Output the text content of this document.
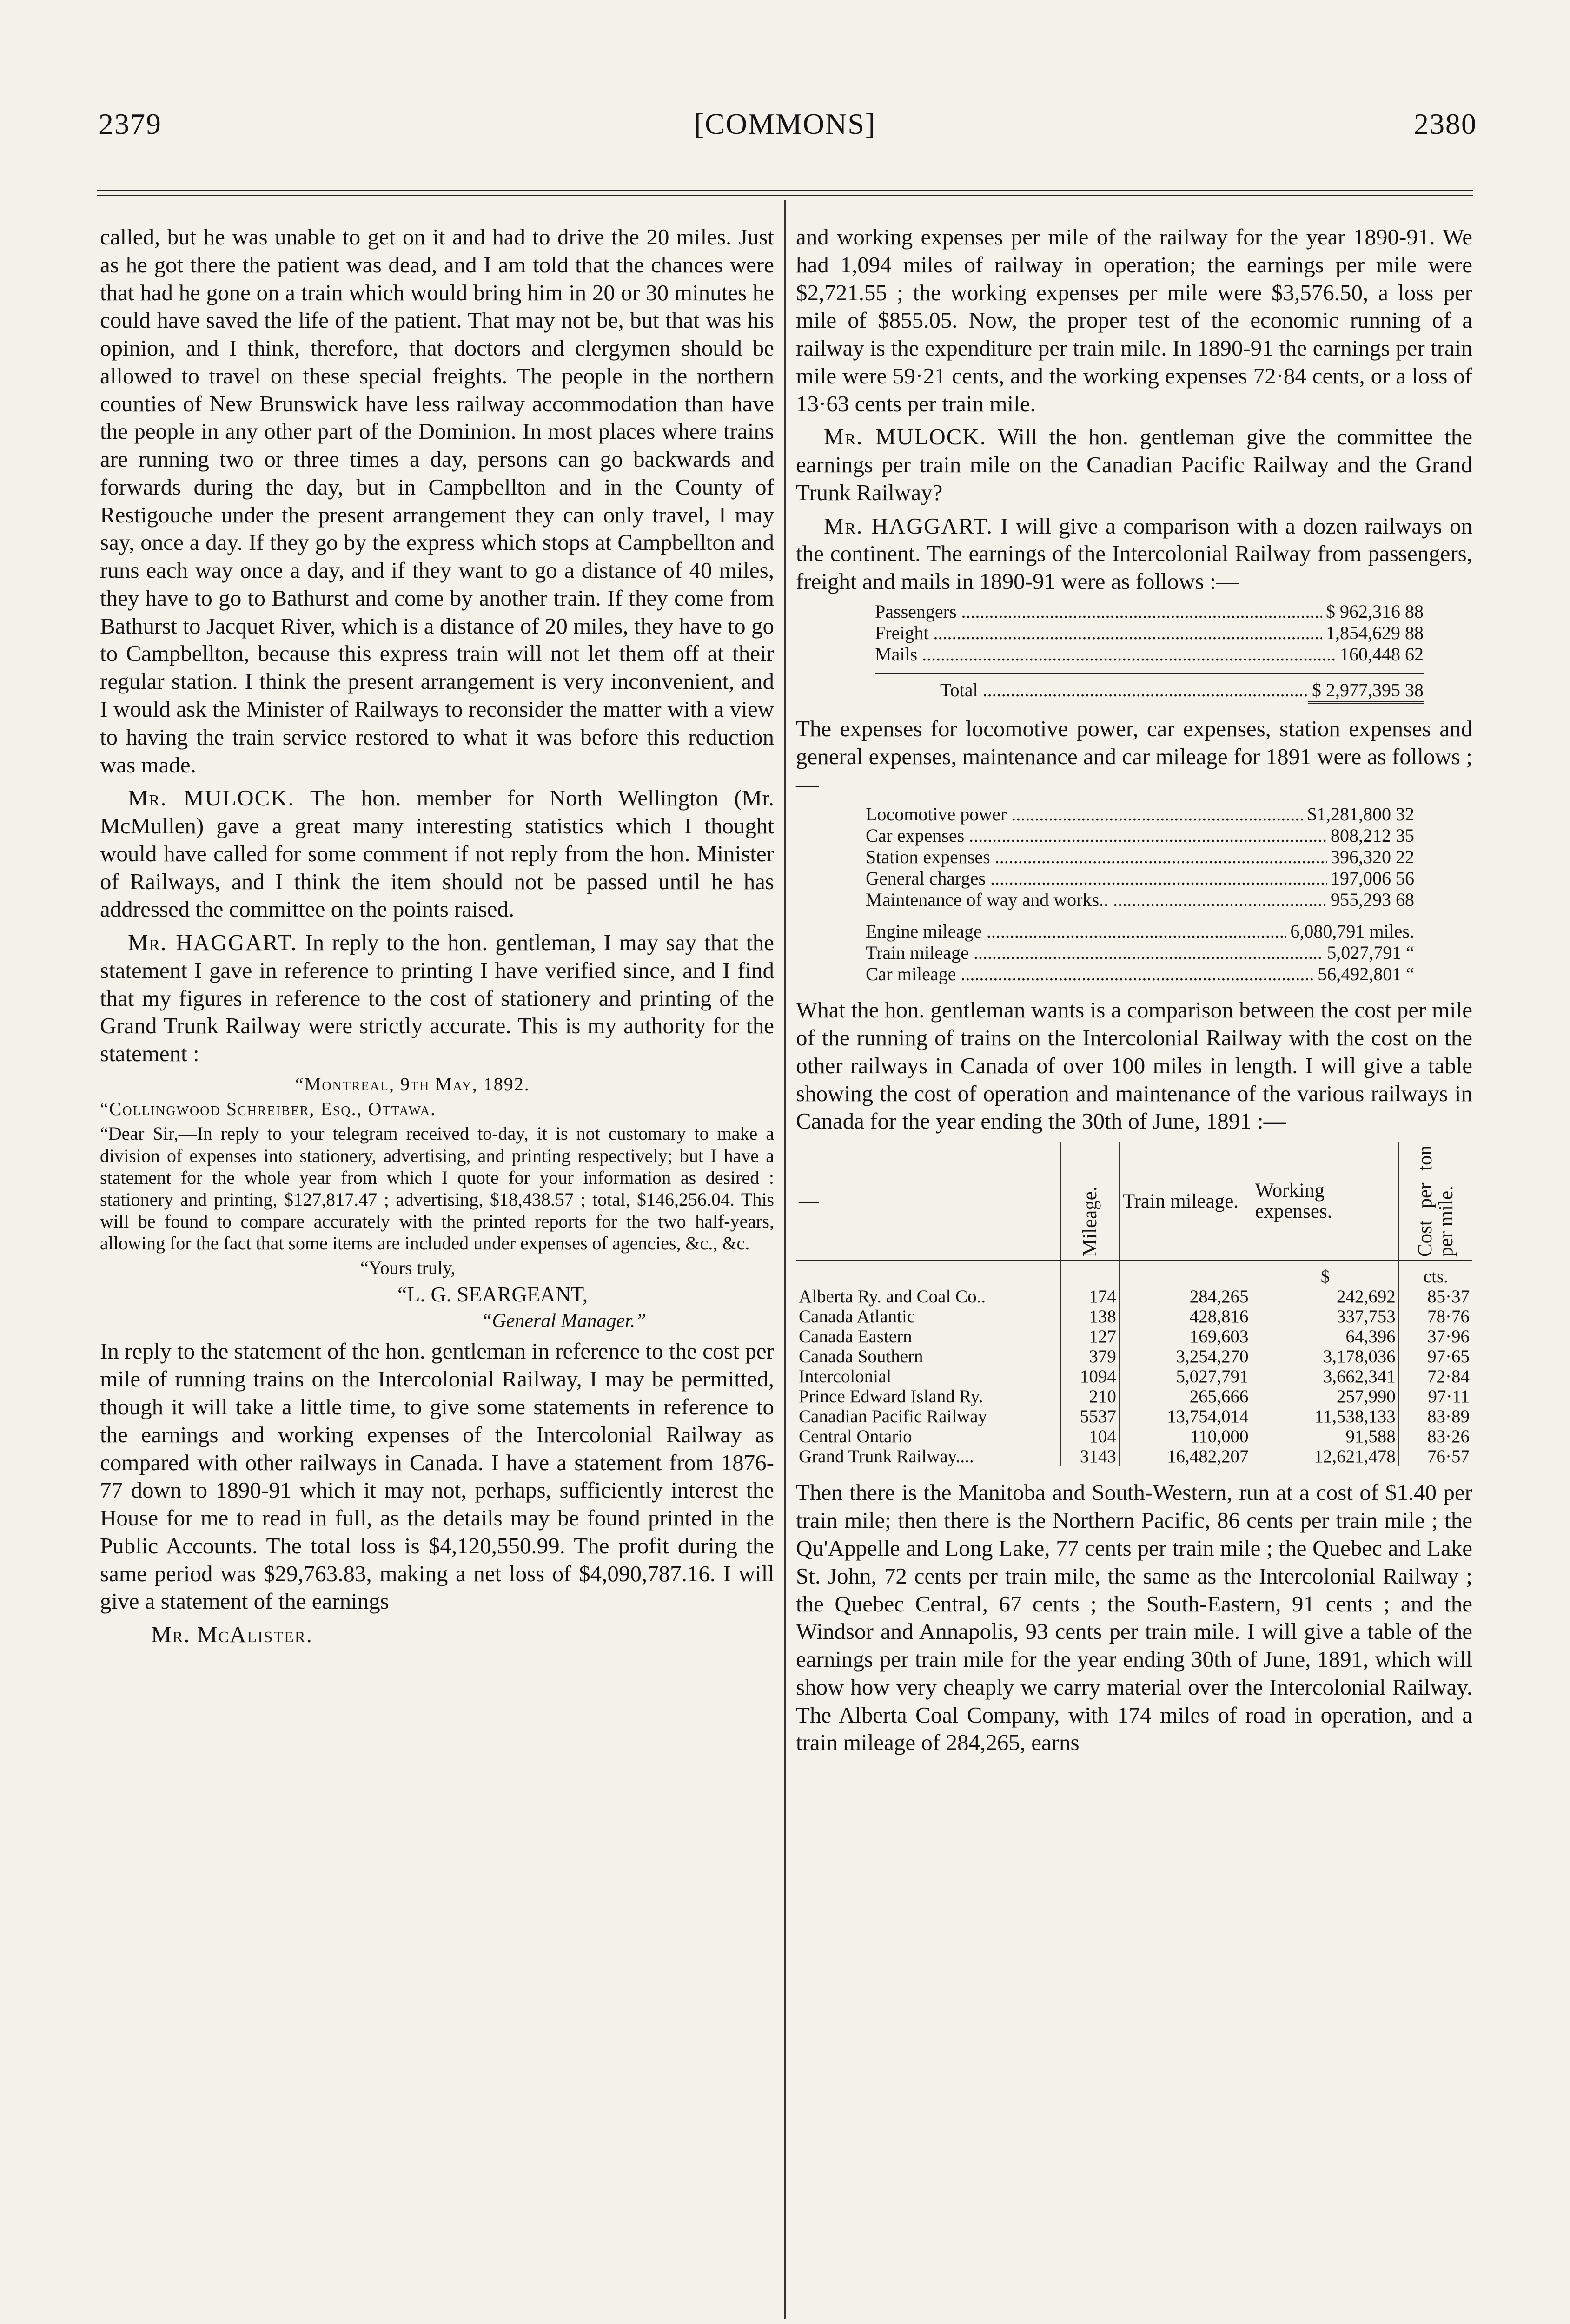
2379	[COMMONS]	2380

called, but he was unable to get on it and had to drive the 20 miles. Just as he got there the patient was dead, and I am told that the chances were that had he gone on a train which would bring him in 20 or 30 minutes he could have saved the life of the patient. That may not be, but that was his opinion, and I think, therefore, that doctors and clergymen should be allowed to travel on these special freights. The people in the northern counties of New Brunswick have less railway accommodation than have the people in any other part of the Dominion. In most places where trains are running two or three times a day, persons can go backwards and forwards during the day, but in Campbellton and in the County of Restigouche under the present arrangement they can only travel, I may say, once a day. If they go by the express which stops at Campbellton and runs each way once a day, and if they want to go a distance of 40 miles, they have to go to Bathurst and come by another train. If they come from Bathurst to Jacquet River, which is a distance of 20 miles, they have to go to Campbellton, because this express train will not let them off at their regular station. I think the present arrangement is very inconvenient, and I would ask the Minister of Railways to reconsider the matter with a view to having the train service restored to what it was before this reduction was made.

Mr. MULOCK. The hon. member for North Wellington (Mr. McMullen) gave a great many interesting statistics which I thought would have called for some comment if not reply from the hon. Minister of Railways, and I think the item should not be passed until he has addressed the committee on the points raised.

Mr. HAGGART. In reply to the hon. gentleman, I may say that the statement I gave in reference to printing I have verified since, and I find that my figures in reference to the cost of stationery and printing of the Grand Trunk Railway were strictly accurate. This is my authority for the statement :

“Montreal, 9th May, 1892.

“Collingwood Schreiber, Esq., Ottawa.

“Dear Sir,—In reply to your telegram received to-day, it is not customary to make a division of expenses into stationery, advertising, and printing respectively; but I have a statement for the whole year from which I quote for your information as desired : stationery and printing, $127,817.47 ; advertising, $18,438.57 ; total, $146,256.04. This will be found to compare accurately with the printed reports for the two half-years, allowing for the fact that some items are included under expenses of agencies, &c., &c.

“Yours truly,

“L. G. SEARGEANT,

“General Manager.”

In reply to the statement of the hon. gentleman in reference to the cost per mile of running trains on the Intercolonial Railway, I may be permitted, though it will take a little time, to give some statements in reference to the earnings and working expenses of the Intercolonial Railway as compared with other railways in Canada. I have a statement from 1876-77 down to 1890-91 which it may not, perhaps, sufficiently interest the House for me to read in full, as the details may be found printed in the Public Accounts. The total loss is $4,120,550.99. The profit during the same period was $29,763.83, making a net loss of $4,090,787.16. I will give a statement of the earnings

Mr. McAlister.

and working expenses per mile of the railway for the year 1890-91. We had 1,094 miles of railway in operation; the earnings per mile were $2,721.55 ; the working expenses per mile were $3,576.50, a loss per mile of $855.05. Now, the proper test of the economic running of a railway is the expenditure per train mile. In 1890-91 the earnings per train mile were 59·21 cents, and the working expenses 72·84 cents, or a loss of 13·63 cents per train mile.

Mr. MULOCK. Will the hon. gentleman give the committee the earnings per train mile on the Canadian Pacific Railway and the Grand Trunk Railway?

Mr. HAGGART. I will give a comparison with a dozen railways on the continent. The earnings of the Intercolonial Railway from passengers, freight and mails in 1890-91 were as follows :—

Passengers .....	$ 962,316 88
Freight .....	1,854,629 88
Mails .....	160,448 62
Total .....	$ 2,977,395 38

The expenses for locomotive power, car expenses, station expenses and general expenses, maintenance and car mileage for 1891 were as follows ;—

Locomotive power .....	$1,281,800 32
Car expenses .....	808,212 35
Station expenses .....	396,320 22
General charges .....	197,006 56
Maintenance of way and works.. .....	955,293 68
Engine mileage .....	6,080,791 miles.
Train mileage .....	5,027,791 “
Car mileage .....	56,492,801 “

What the hon. gentleman wants is a comparison between the cost per mile of the running of trains on the Intercolonial Railway with the cost on the other railways in Canada of over 100 miles in length. I will give a table showing the cost of operation and maintenance of the various railways in Canada for the year ending the 30th of June, 1891 :—

—	Mileage.	Train mileage.	Working expenses.	Cost per ton per mile.

			$	cts.
Alberta Ry. and Coal Co..	174	284,265	242,692	85·37
Canada Atlantic	138	428,816	337,753	78·76
Canada Eastern	127	169,603	64,396	37·96
Canada Southern	379	3,254,270	3,178,036	97·65
Intercolonial	1094	5,027,791	3,662,341	72·84
Prince Edward Island Ry.	210	265,666	257,990	97·11
Canadian Pacific Railway	5537	13,754,014	11,538,133	83·89
Central Ontario	104	110,000	91,588	83·26
Grand Trunk Railway....	3143	16,482,207	12,621,478	76·57

Then there is the Manitoba and South-Western, run at a cost of $1.40 per train mile; then there is the Northern Pacific, 86 cents per train mile ; the Qu'Appelle and Long Lake, 77 cents per train mile ; the Quebec and Lake St. John, 72 cents per train mile, the same as the Intercolonial Railway ; the Quebec Central, 67 cents ; the South-Eastern, 91 cents ; and the Windsor and Annapolis, 93 cents per train mile. I will give a table of the earnings per train mile for the year ending 30th of June, 1891, which will show how very cheaply we carry material over the Intercolonial Railway. The Alberta Coal Company, with 174 miles of road in operation, and a train mileage of 284,265, earns
